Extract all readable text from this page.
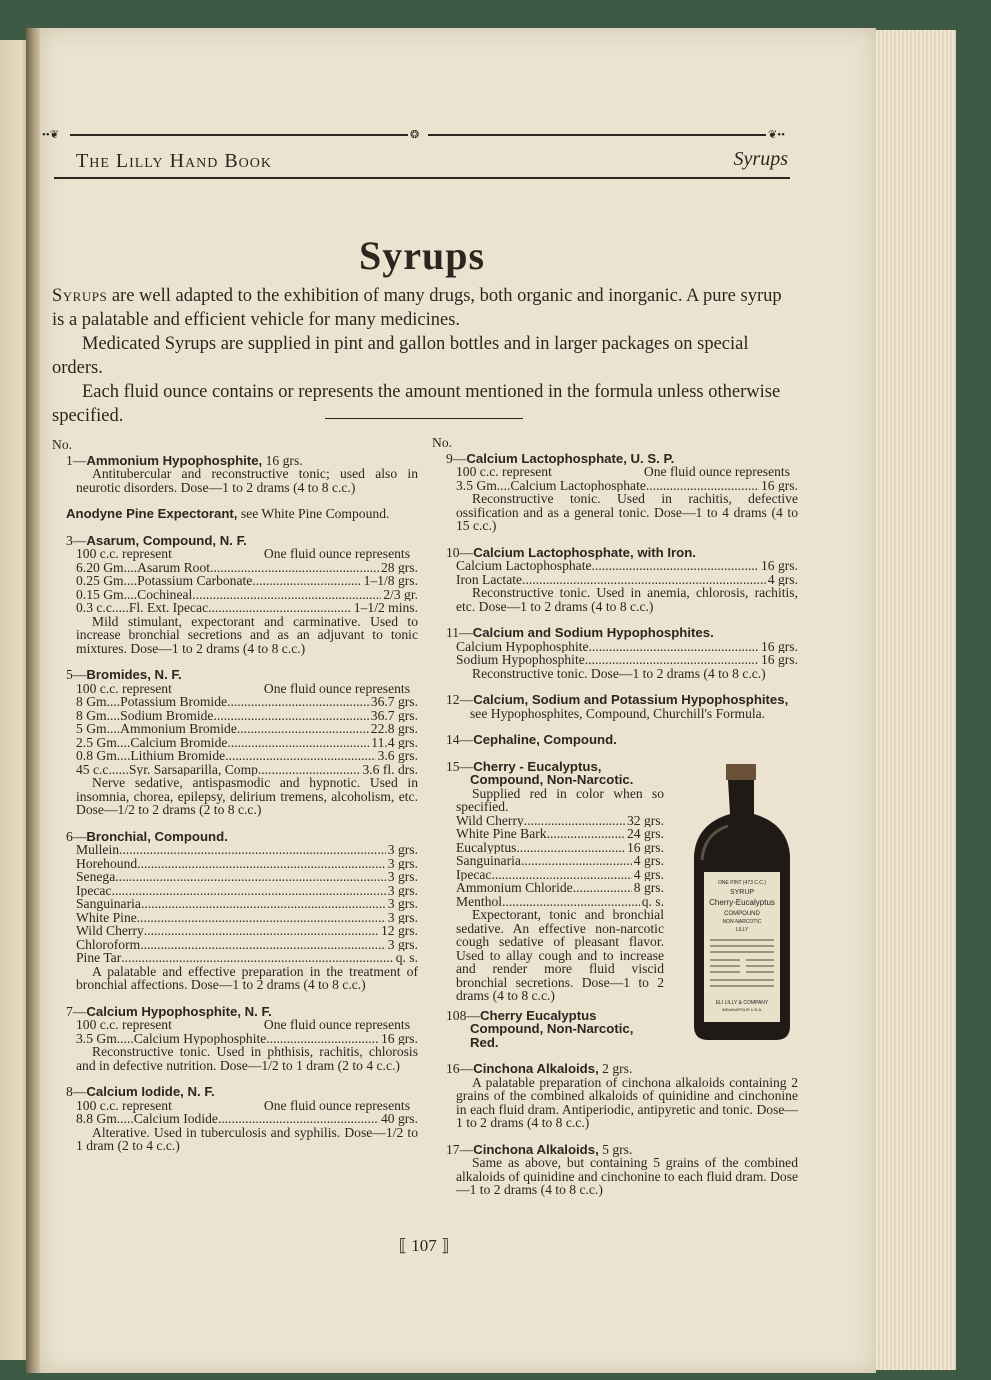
••❦	❂	❦••
The Lilly Hand Book	Syrups
Syrups

Syrups are well adapted to the exhibition of many drugs, both organic and inorganic. A pure syrup is a palatable and efficient vehicle for many medicines.

Medicated Syrups are supplied in pint and gallon bottles and in larger packages on special orders.

Each fluid ounce contains or represents the amount mentioned in the formula unless otherwise specified.

No.
1—Ammonium Hypophosphite, 16 grs.
Antitubercular and reconstructive tonic; used also in neurotic disorders. Dose—1 to 2 drams (4 to 8 c.c.)
Anodyne Pine Expectorant, see White Pine Compound.
3—Asarum, Compound, N. F.
100 c.c. represent	One fluid ounce represents
6.20 Gm....Asarum Root .....	28 grs.
0.25 Gm....Potassium Carbonate .....	1–1/8 grs.
0.15 Gm....Cochineal .....	2/3 gr.
0.3 c.c.....Fl. Ext. Ipecac .....	1–1/2 mins.
Mild stimulant, expectorant and carminative. Used to increase bronchial secretions and as an adjuvant to tonic mixtures. Dose—1 to 2 drams (4 to 8 c.c.)
5—Bromides, N. F.
100 c.c. represent	One fluid ounce represents
8 Gm....Potassium Bromide .....	36.7 grs.
8 Gm....Sodium Bromide .....	36.7 grs.
5 Gm....Ammonium Bromide .....	22.8 grs.
2.5 Gm....Calcium Bromide .....	11.4 grs.
0.8 Gm....Lithium Bromide .....	3.6 grs.
45 c.c......Syr. Sarsaparilla, Comp .....	3.6 fl. drs.
Nerve sedative, antispasmodic and hypnotic. Used in insomnia, chorea, epilepsy, delirium tremens, alcoholism, etc. Dose—1/2 to 2 drams (2 to 8 c.c.)
6—Bronchial, Compound.
Mullein .....	3 grs.
Horehound .....	3 grs.
Senega .....	3 grs.
Ipecac .....	3 grs.
Sanguinaria .....	3 grs.
White Pine .....	3 grs.
Wild Cherry .....	12 grs.
Chloroform .....	3 grs.
Pine Tar .....	q. s.
A palatable and effective preparation in the treatment of bronchial affections. Dose—1 to 2 drams (4 to 8 c.c.)
7—Calcium Hypophosphite, N. F.
100 c.c. represent	One fluid ounce represents
3.5 Gm.....Calcium Hypophosphite .....	16 grs.
Reconstructive tonic. Used in phthisis, rachitis, chlorosis and in defective nutrition. Dose—1/2 to 1 dram (2 to 4 c.c.)
8—Calcium Iodide, N. F.
100 c.c. represent	One fluid ounce represents
8.8 Gm.....Calcium Iodide .....	40 grs.
Alterative. Used in tuberculosis and syphilis. Dose—1/2 to 1 dram (2 to 4 c.c.)
No.
9—Calcium Lactophosphate, U. S. P.
100 c.c. represent	One fluid ounce represents
3.5 Gm....Calcium Lactophosphate .....	16 grs.
Reconstructive tonic. Used in rachitis, defective ossification and as a general tonic. Dose—1 to 4 drams (4 to 15 c.c.)
10—Calcium Lactophosphate, with Iron.
Calcium Lactophosphate .....	16 grs.
Iron Lactate .....	4 grs.
Reconstructive tonic. Used in anemia, chlorosis, rachitis, etc. Dose—1 to 2 drams (4 to 8 c.c.)
11—Calcium and Sodium Hypophosphites.
Calcium Hypophosphite .....	16 grs.
Sodium Hypophosphite .....	16 grs.
Reconstructive tonic. Dose—1 to 2 drams (4 to 8 c.c.)
12—Calcium, Sodium and Potassium Hypophosphites, see Hypophosphites, Compound, Churchill's Formula.
14—Cephaline, Compound.
15—Cherry - Eucalyptus, Compound, Non-Narcotic.
Supplied red in color when so specified.
Wild Cherry .....	32 grs.
White Pine Bark .....	24 grs.
Eucalyptus .....	16 grs.
Sanguinaria .....	4 grs.
Ipecac .....	4 grs.
Ammonium Chloride .....	8 grs.
Menthol .....	q. s.
Expectorant, tonic and bronchial sedative. An effective non-narcotic cough sedative of pleasant flavor. Used to allay cough and to increase and render more fluid viscid bronchial secretions. Dose—1 to 2 drams (4 to 8 c.c.)
108—Cherry Eucalyptus Compound, Non-Narcotic, Red.
ONE PINT (473 C.C.)
SYRUP
Cherry-Eucalyptus
COMPOUND
NON-NARCOTIC
LILLY
ELI LILLY & COMPANY
INDIANAPOLIS U.S.A.
16—Cinchona Alkaloids, 2 grs.
A palatable preparation of cinchona alkaloids containing 2 grains of the combined alkaloids of quinidine and cinchonine in each fluid dram. Antiperiodic, antipyretic and tonic. Dose—1 to 2 drams (4 to 8 c.c.)
17—Cinchona Alkaloids, 5 grs.
Same as above, but containing 5 grains of the combined alkaloids of quinidine and cinchonine to each fluid dram. Dose—1 to 2 drams (4 to 8 c.c.)
⟦ 107 ⟧
